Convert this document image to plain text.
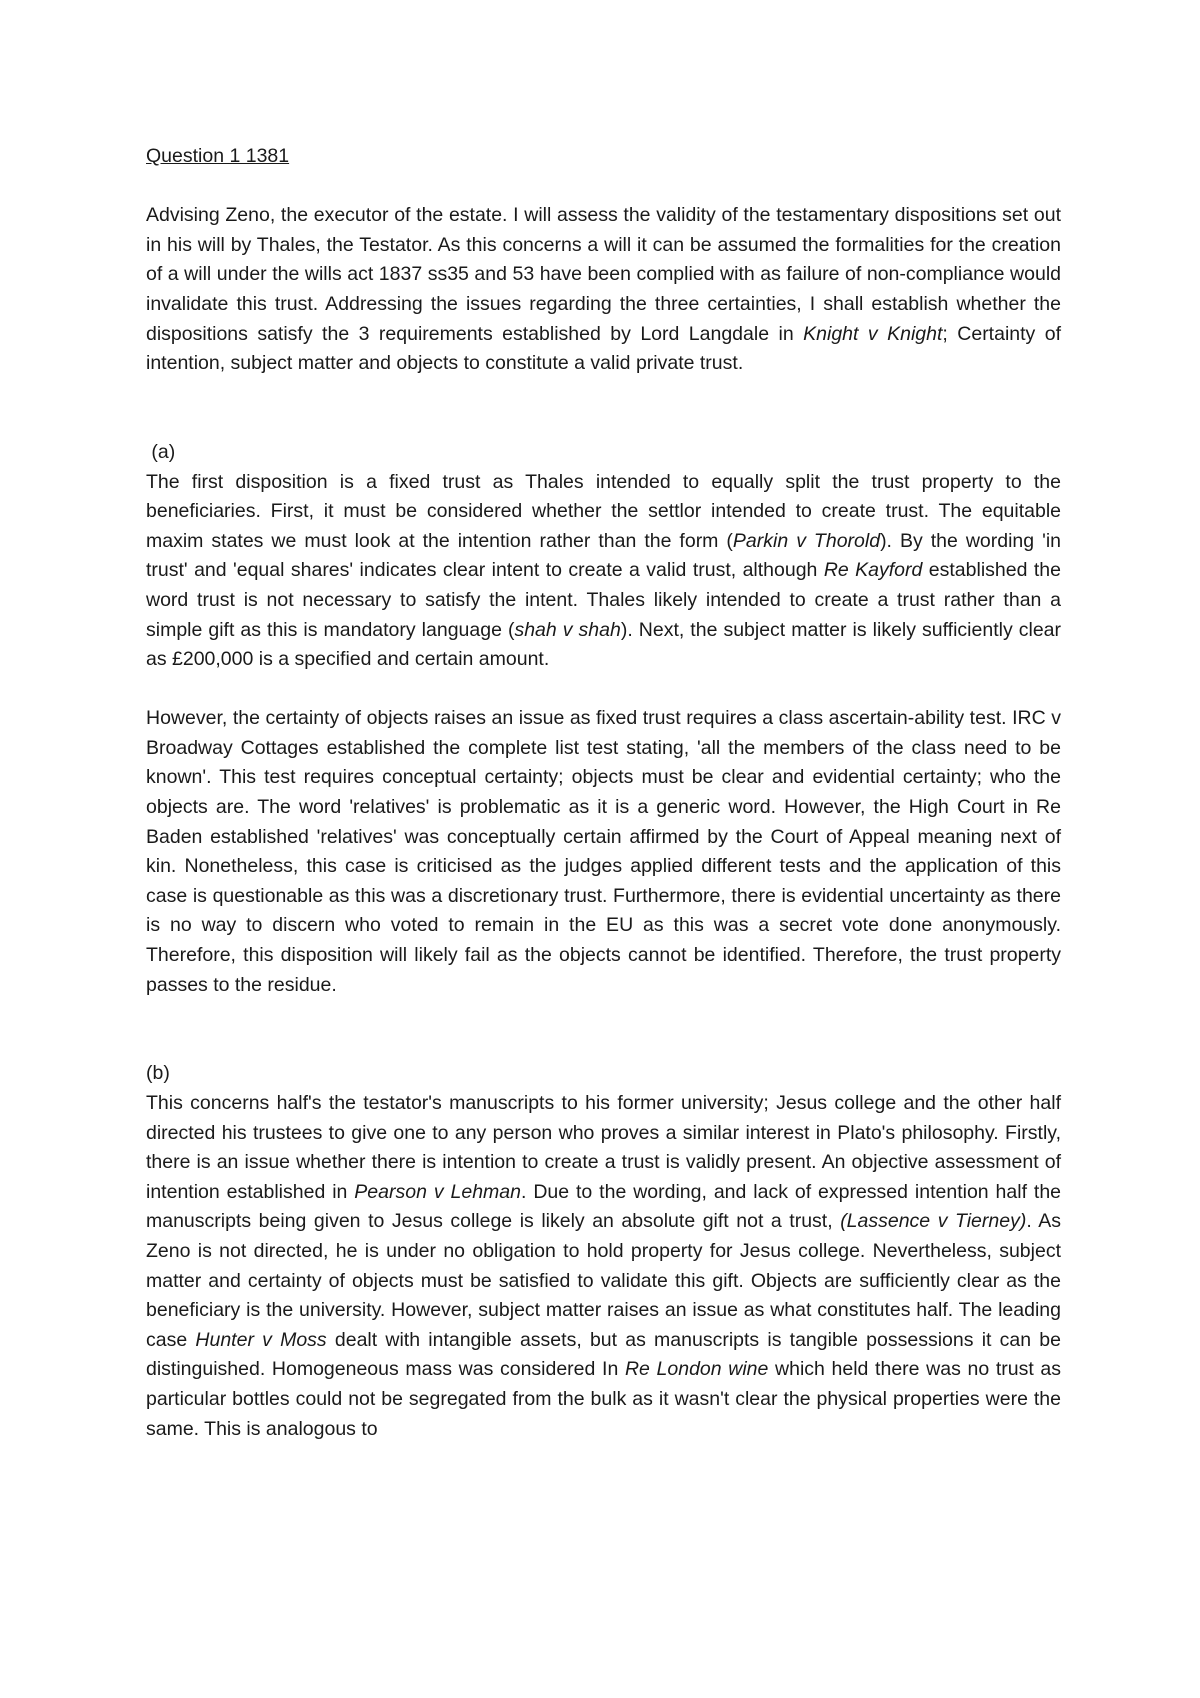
Question 1 1381

Advising Zeno, the executor of the estate. I will assess the validity of the testamentary dispositions set out in his will by Thales, the Testator. As this concerns a will it can be assumed the formalities for the creation of a will under the wills act 1837 ss35 and 53 have been complied with as failure of non-compliance would invalidate this trust. Addressing the issues regarding the three certainties, I shall establish whether the dispositions satisfy the 3 requirements established by Lord Langdale in Knight v Knight; Certainty of intention, subject matter and objects to constitute a valid private trust.

(a)

The first disposition is a fixed trust as Thales intended to equally split the trust property to the beneficiaries. First, it must be considered whether the settlor intended to create trust. The equitable maxim states we must look at the intention rather than the form (Parkin v Thorold). By the wording 'in trust' and 'equal shares' indicates clear intent to create a valid trust, although Re Kayford established the word trust is not necessary to satisfy the intent. Thales likely intended to create a trust rather than a simple gift as this is mandatory language (shah v shah). Next, the subject matter is likely sufficiently clear as £200,000 is a specified and certain amount.

However, the certainty of objects raises an issue as fixed trust requires a class ascertain-ability test. IRC v Broadway Cottages established the complete list test stating, 'all the members of the class need to be known'. This test requires conceptual certainty; objects must be clear and evidential certainty; who the objects are. The word 'relatives' is problematic as it is a generic word. However, the High Court in Re Baden established 'relatives' was conceptually certain affirmed by the Court of Appeal meaning next of kin. Nonetheless, this case is criticised as the judges applied different tests and the application of this case is questionable as this was a discretionary trust. Furthermore, there is evidential uncertainty as there is no way to discern who voted to remain in the EU as this was a secret vote done anonymously. Therefore, this disposition will likely fail as the objects cannot be identified. Therefore, the trust property passes to the residue.

(b)

This concerns half's the testator's manuscripts to his former university; Jesus college and the other half directed his trustees to give one to any person who proves a similar interest in Plato's philosophy. Firstly, there is an issue whether there is intention to create a trust is validly present. An objective assessment of intention established in Pearson v Lehman. Due to the wording, and lack of expressed intention half the manuscripts being given to Jesus college is likely an absolute gift not a trust, (Lassence v Tierney). As Zeno is not directed, he is under no obligation to hold property for Jesus college. Nevertheless, subject matter and certainty of objects must be satisfied to validate this gift. Objects are sufficiently clear as the beneficiary is the university. However, subject matter raises an issue as what constitutes half. The leading case Hunter v Moss dealt with intangible assets, but as manuscripts is tangible possessions it can be distinguished. Homogeneous mass was considered In Re London wine which held there was no trust as particular bottles could not be segregated from the bulk as it wasn't clear the physical properties were the same. This is analogous to
